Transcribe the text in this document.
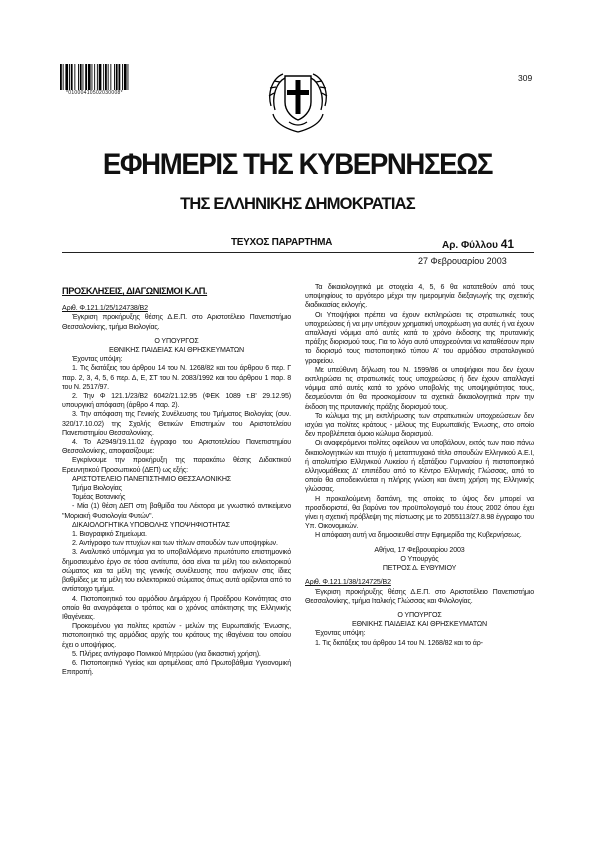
*01000410502030008*
309
ΕΦΗΜΕΡΙΣ ΤΗΣ ΚΥΒΕΡΝΗΣΕΩΣ
ΤΗΣ ΕΛΛΗΝΙΚΗΣ ΔΗΜΟΚΡΑΤΙΑΣ
ΤΕΥΧΟΣ ΠΑΡΑΡΤΗΜΑ	Αρ. Φύλλου 41
27 Φεβρουαρίου 2003

ΠΡΟΣΚΛΗΣΕΙΣ, ΔΙΑΓΩΝΙΣΜΟΙ Κ.ΛΠ.

Αριθ. Φ.121.1/25/124738/Β2

Έγκριση προκήρυξης θέσης Δ.Ε.Π. στο Αριστοτέλειο Πανεπιστήμιο Θεσσαλονίκης, τμήμα Βιολογίας.

Ο ΥΠΟΥΡΓΟΣ

ΕΘΝΙΚΗΣ ΠΑΙΔΕΙΑΣ ΚΑΙ ΘΡΗΣΚΕΥΜΑΤΩΝ

Έχοντας υπόψη:

1. Τις διατάξεις του άρθρου 14 του Ν. 1268/82 και του άρθρου 6 περ. Γ παρ. 2, 3, 4, 5, 6 περ. Δ, Ε, ΣΤ του Ν. 2083/1992 και του άρθρου 1 παρ. 8 του Ν. 2517/97.

2. Την Φ 121.1/23/Β2 6042/21.12.95 (ΦΕΚ 1089 τ.Β' 29.12.95) υπουργική απόφαση (άρθρο 4 παρ. 2).

3. Την απόφαση της Γενικής Συνέλευσης του Τμήματος Βιολογίας (συν. 320/17.10.02) της Σχολής Θετικών Επιστημών του Αριστοτελείου Πανεπιστημίου Θεσσαλονίκης.

4. Το Α2949/19.11.02 έγγραφο του Αριστοτελείου Πανεπιστημίου Θεσσαλονίκης, αποφασίζουμε:

Εγκρίνουμε την προκήρυξη της παρακάτω θέσης Διδακτικού Ερευνητικού Προσωπικού (ΔΕΠ) ως εξής:

ΑΡΙΣΤΟΤΕΛΕΙΟ ΠΑΝΕΠΙΣΤΗΜΙΟ ΘΕΣΣΑΛΟΝΙΚΗΣ

Τμήμα Βιολογίας

Τομέας Βοτανικής

- Μία (1) θέση ΔΕΠ στη βαθμίδα του Λέκτορα με γνωστικό αντικείμενο "Μοριακή Φυσιολογία Φυτών".

ΔΙΚΑΙΟΛΟΓΗΤΙΚΑ ΥΠΟΒΟΛΗΣ ΥΠΟΨΗΦΙΟΤΗΤΑΣ

1. Βιογραφικό Σημείωμα.

2. Αντίγραφο των πτυχίων και των τίτλων σπουδών των υποψηφίων.

3. Αναλυτικό υπόμνημα για το υποβαλλόμενο πρωτότυπο επιστημονικό δημοσιευμένο έργο σε τόσα αντίτυπα, όσα είναι τα μέλη του εκλεκτορικού σώματος και τα μέλη της γενικής συνέλευσης που ανήκουν στις ίδιες βαθμίδες με τα μέλη του εκλεκτορικού σώματος όπως αυτά ορίζονται από το αντίστοιχο τμήμα.

4. Πιστοποιητικό του αρμόδιου Δημάρχου ή Προέδρου Κοινότητας στο οποίο θα αναγράφεται ο τρόπος και ο χρόνος απόκτησης της Ελληνικής Ιθαγένειας.

Προκειμένου για πολίτες κρατών - μελών της Ευρωπαϊκής Ένωσης, πιστοποιητικό της αρμόδιας αρχής του κράτους της ιθαγένεια του οποίου έχει ο υποψήφιος.

5. Πλήρες αντίγραφο Ποινικού Μητρώου (για δικαστική χρήση).

6. Πιστοποιητικό Υγείας και αρτιμέλειας από Πρωτοβάθμια Υγειονομική Επιτροπή.

Τα δικαιολογητικά με στοιχεία 4, 5, 6 θα κατατεθούν από τους υποψηφίους το αργότερο μέχρι την ημερομηνία διεξαγωγής της σχετικής διαδικασίας εκλογής.

Οι Υποψήφιοι πρέπει να έχουν εκπληρώσει τις στρατιωτικές τους υποχρεώσεις ή να μην υπέχουν χρηματική υποχρέωση για αυτές ή να έχουν απαλλαγεί νόμιμα από αυτές κατά το χρόνο έκδοσης της πρυτανικής πράξης διορισμού τους. Για το λόγο αυτό υποχρεούνται να καταθέσουν πριν το διορισμό τους πιστοποιητικό τύπου Α' του αρμόδιου στρατολογικού γραφείου.

Με υπεύθυνη δήλωση του Ν. 1599/86 οι υποψήφιοι που δεν έχουν εκπληρώσει τις στρατιωτικές τους υποχρεώσεις ή δεν έχουν απαλλαγεί νόμιμα από αυτές κατά το χρόνο υποβολής της υποψηφιότητας τους, δεσμεύονται ότι θα προσκομίσουν τα σχετικά δικαιολογητικά πριν την έκδοση της πρυτανικής πράξης διορισμού τους.

Το κώλυμα της μη εκπλήρωσης των στρατιωτικών υποχρεώσεων δεν ισχύει για πολίτες κράτους - μέλους της Ευρωπαϊκής Ένωσης, στο οποίο δεν προβλέπεται όμοιο κώλυμα διορισμού.

Οι αναφερόμενοι πολίτες οφείλουν να υποβάλουν, εκτός των ποιο πάνω δικαιολογητικών και πτυχίο ή μεταπτυχιακό τίτλο σπουδών Ελληνικού Α.Ε.Ι, ή απολυτήριο Ελληνικού Λυκείου ή εξατάξιου Γυμνασίου ή πιστοποιητικό ελληνομάθειας Δ' επιπέδου από το Κέντρο Ελληνικής Γλώσσας, από το οποίο θα αποδεικνύεται η πλήρης γνώση και άνετη χρήση της Ελληνικής γλώσσας.

Η προκαλούμενη δαπάνη, της οποίας το ύψος δεν μπορεί να προσδιοριστεί, θα βαρύνει τον προϋπολογισμό του έτους 2002 όπου έχει γίνει η σχετική πρόβλεψη της πίστωσης με το 2055113/27.8.98 έγγραφο του Υπ. Οικονομικών.

Η απόφαση αυτή να δημοσιευθεί στην Εφημερίδα της Κυβερνήσεως.

Αθήνα, 17 Φεβρουαρίου 2003

Ο Υπουργός

ΠΕΤΡΟΣ Δ. ΕΥΘΥΜΙΟΥ

Αριθ. Φ.121.1/38/124725/Β2

Έγκριση προκήρυξης θέσης Δ.Ε.Π. στο Αριστοτέλειο Πανεπιστήμιο Θεσσαλονίκης, τμήμα Ιταλικής Γλώσσας και Φιλολογίας.

Ο ΥΠΟΥΡΓΟΣ

ΕΘΝΙΚΗΣ ΠΑΙΔΕΙΑΣ ΚΑΙ ΘΡΗΣΚΕΥΜΑΤΩΝ

Έχοντας υπόψη:

1. Τις διατάξεις του άρθρου 14 του Ν. 1268/82 και το άρ-
